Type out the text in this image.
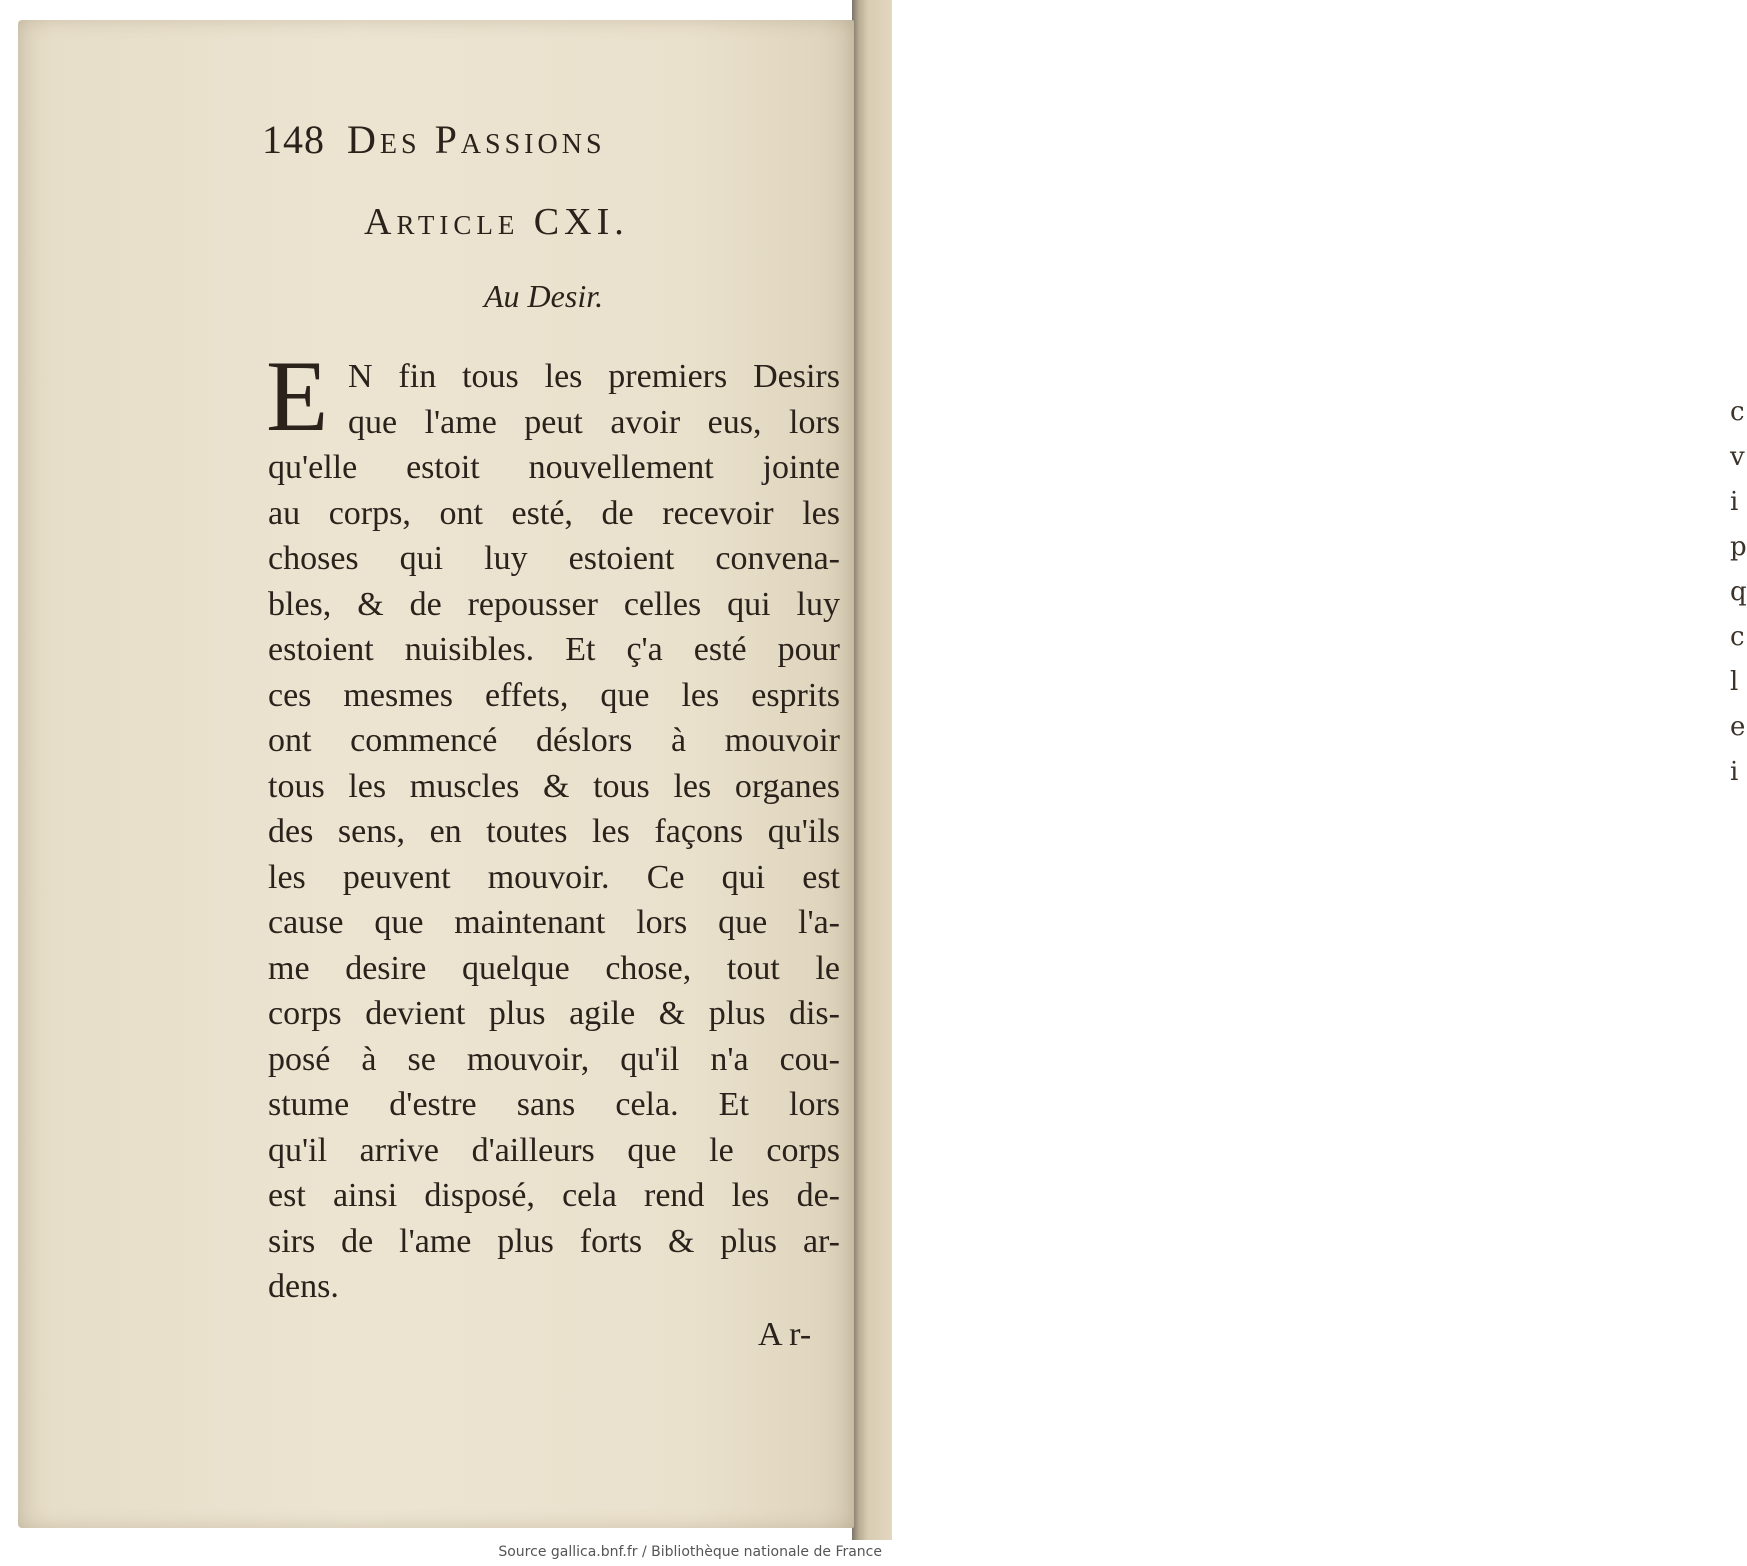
c
v
i
p
q
c
l
e
i
148 Des Passions
Article CXI.
Au Desir.
E N fin tous les premiers Desirs
que l'ame peut avoir eus, lors
qu'elle estoit nouvellement jointe
au corps, ont esté, de recevoir les
choses qui luy estoient convena-
bles, & de repousser celles qui luy
estoient nuisibles. Et ç'a esté pour
ces mesmes effets, que les esprits
ont commencé déslors à mouvoir
tous les muscles & tous les organes
des sens, en toutes les façons qu'ils
les peuvent mouvoir. Ce qui est
cause que maintenant lors que l'a-
me desire quelque chose, tout le
corps devient plus agile & plus dis-
posé à se mouvoir, qu'il n'a cou-
stume d'estre sans cela. Et lors
qu'il arrive d'ailleurs que le corps
est ainsi disposé, cela rend les de-
sirs de l'ame plus forts & plus ar-
dens.
A r-
Source gallica.bnf.fr / Bibliothèque nationale de France
